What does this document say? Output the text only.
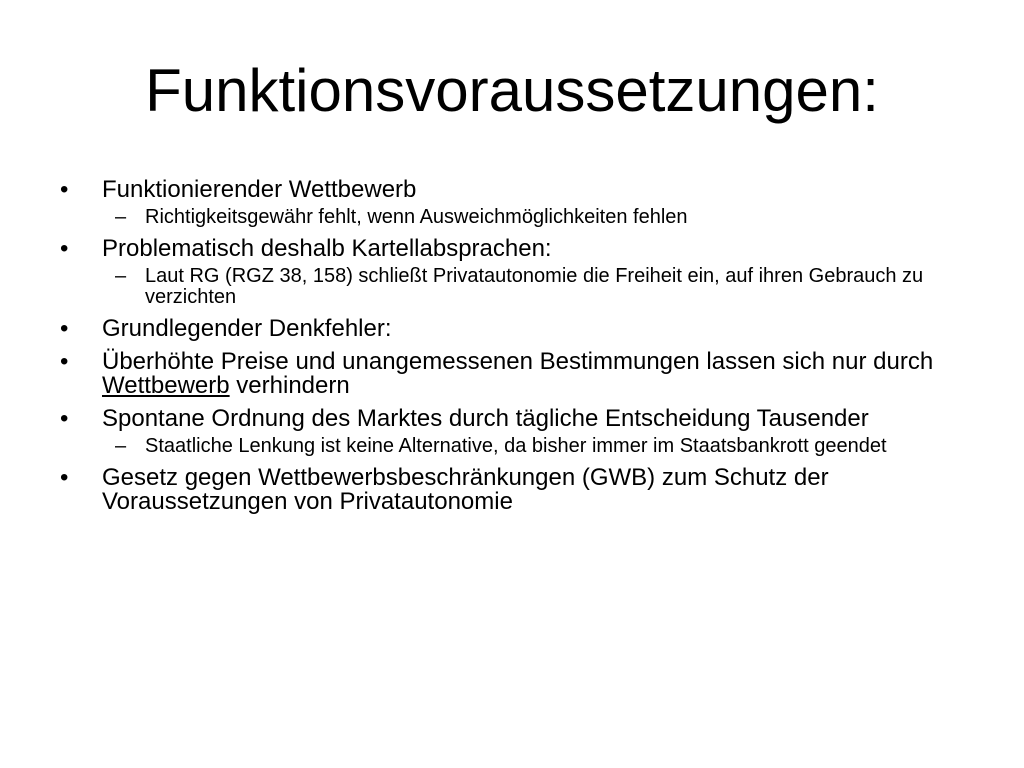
Funktionsvoraussetzungen:
• Funktionierender Wettbewerb
– Richtigkeitsgewähr fehlt, wenn Ausweichmöglichkeiten fehlen
• Problematisch deshalb Kartellabsprachen:
– Laut RG (RGZ 38, 158) schließt Privatautonomie die Freiheit ein, auf ihren Gebrauch zu verzichten
• Grundlegender Denkfehler:
• Überhöhte Preise und unangemessenen Bestimmungen lassen sich nur durch Wettbewerb verhindern
• Spontane Ordnung des Marktes durch tägliche Entscheidung Tausender
– Staatliche Lenkung ist keine Alternative, da bisher immer im Staatsbankrott geendet
• Gesetz gegen Wettbewerbsbeschränkungen (GWB) zum Schutz der Voraussetzungen von Privatautonomie
